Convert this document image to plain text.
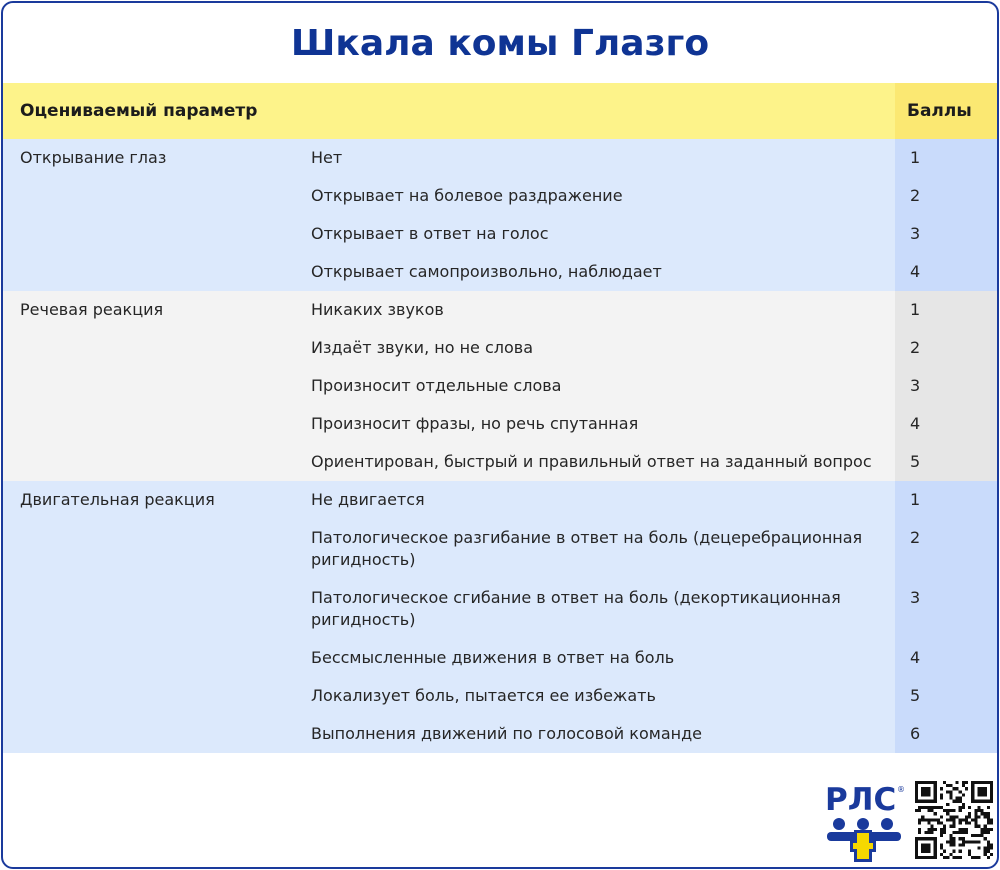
Шкала комы Глазго
Оцениваемый параметр		Баллы
Открывание глаз	Нет	1
	Открывает на болевое раздражение	2
	Открывает в ответ на голос	3
	Открывает самопроизвольно, наблюдает	4
Речевая реакция	Никаких звуков	1
	Издаёт звуки, но не слова	2
	Произносит отдельные слова	3
	Произносит фразы, но речь спутанная	4
	Ориентирован, быстрый и правильный ответ на заданный вопрос	5
Двигательная реакция	Не двигается	1
	Патологическое разгибание в ответ на боль (децеребрационная ригидность)	2
	Патологическое сгибание в ответ на боль (декортикационная ригидность)	3
	Бессмысленные движения в ответ на боль	4
	Локализует боль, пытается ее избежать	5
	Выполнения движений по голосовой команде	6
РЛС ®
